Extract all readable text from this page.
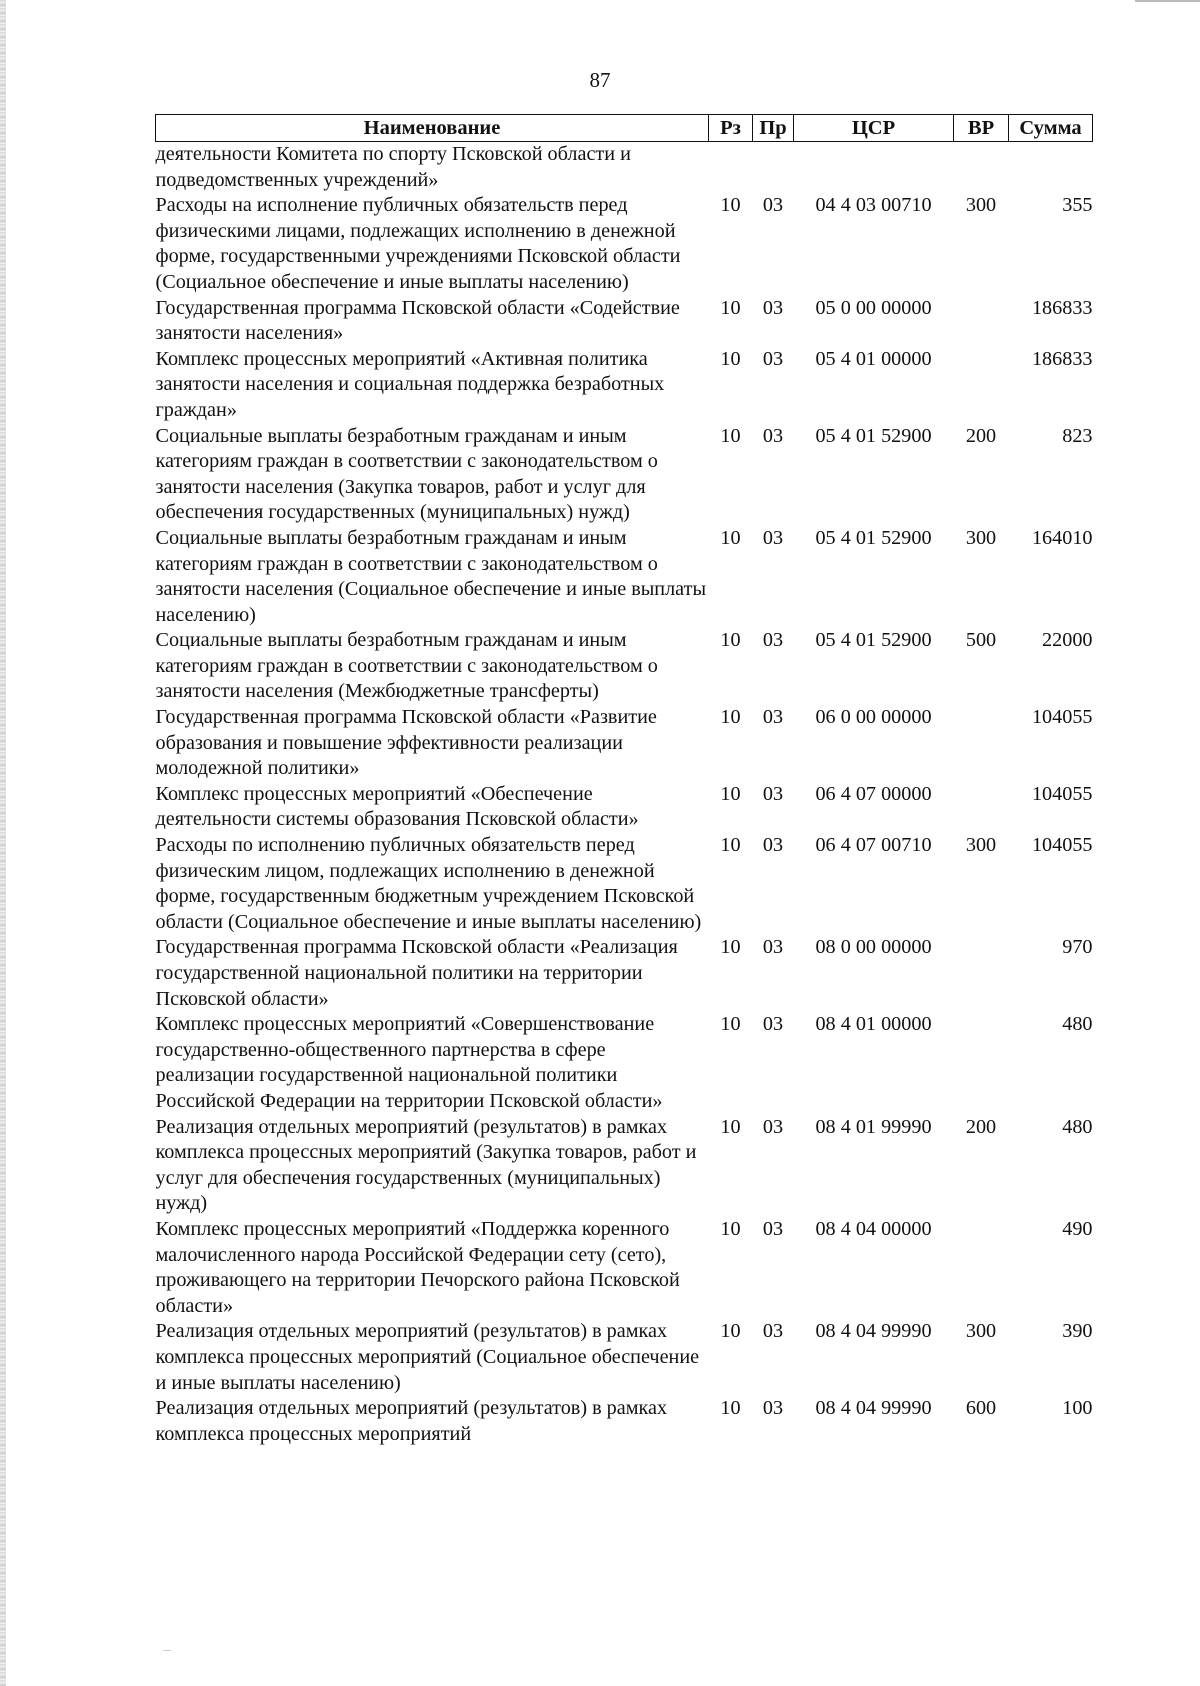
87
Наименование	Рз	Пр	ЦСР	ВР	Сумма
деятельности Комитета по спорту Псковской области и подведомственных учреждений»					
Расходы на исполнение публичных обязательств перед физическими лицами, подлежащих исполнению в денежной форме, государственными учреждениями Псковской области (Социальное обеспечение и иные выплаты населению)	10	03	04 4 03 00710	300	355
Государственная программа Псковской области «Содействие занятости населения»	10	03	05 0 00 00000		186833
Комплекс процессных мероприятий «Активная политика занятости населения и социальная поддержка безработных граждан»	10	03	05 4 01 00000		186833
Социальные выплаты безработным гражданам и иным категориям граждан в соответствии с законодательством о занятости населения (Закупка товаров, работ и услуг для обеспечения государственных (муниципальных) нужд)	10	03	05 4 01 52900	200	823
Социальные выплаты безработным гражданам и иным категориям граждан в соответствии с законодательством о занятости населения (Социальное обеспечение и иные выплаты населению)	10	03	05 4 01 52900	300	164010
Социальные выплаты безработным гражданам и иным категориям граждан в соответствии с законодательством о занятости населения (Межбюджетные трансферты)	10	03	05 4 01 52900	500	22000
Государственная программа Псковской области «Развитие образования и повышение эффективности реализации молодежной политики»	10	03	06 0 00 00000		104055
Комплекс процессных мероприятий «Обеспечение деятельности системы образования Псковской области»	10	03	06 4 07 00000		104055
Расходы по исполнению публичных обязательств перед физическим лицом, подлежащих исполнению в денежной форме, государственным бюджетным учреждением Псковской области (Социальное обеспечение и иные выплаты населению)	10	03	06 4 07 00710	300	104055
Государственная программа Псковской области «Реализация государственной национальной политики на территории Псковской области»	10	03	08 0 00 00000		970
Комплекс процессных мероприятий «Совершенствование государственно-общественного партнерства в сфере реализации государственной национальной политики Российской Федерации на территории Псковской области»	10	03	08 4 01 00000		480
Реализация отдельных мероприятий (результатов) в рамках комплекса процессных мероприятий (Закупка товаров, работ и услуг для обеспечения государственных (муниципальных) нужд)	10	03	08 4 01 99990	200	480
Комплекс процессных мероприятий «Поддержка коренного малочисленного народа Российской Федерации сету (сето), проживающего на территории Печорского района Псковской области»	10	03	08 4 04 00000		490
Реализация отдельных мероприятий (результатов) в рамках комплекса процессных мероприятий (Социальное обеспечение и иные выплаты населению)	10	03	08 4 04 99990	300	390
Реализация отдельных мероприятий (результатов) в рамках комплекса процессных мероприятий	10	03	08 4 04 99990	600	100
